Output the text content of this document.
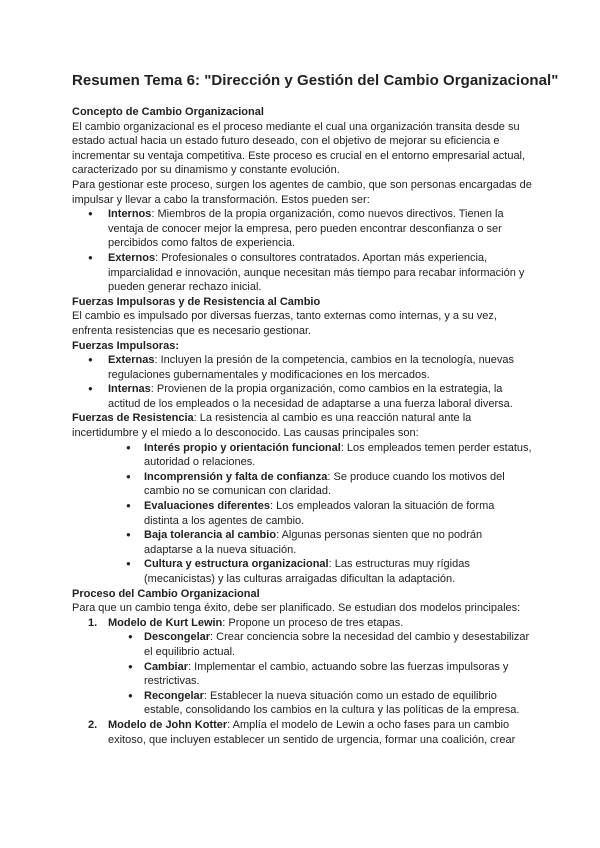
Resumen Tema 6: "Dirección y Gestión del Cambio Organizacional"

Concepto de Cambio Organizacional

El cambio organizacional es el proceso mediante el cual una organización transita desde su estado actual hacia un estado futuro deseado, con el objetivo de mejorar su eficiencia e incrementar su ventaja competitiva. Este proceso es crucial en el entorno empresarial actual, caracterizado por su dinamismo y constante evolución.

Para gestionar este proceso, surgen los agentes de cambio, que son personas encargadas de impulsar y llevar a cabo la transformación. Estos pueden ser:

● Internos: Miembros de la propia organización, como nuevos directivos. Tienen la ventaja de conocer mejor la empresa, pero pueden encontrar desconfianza o ser percibidos como faltos de experiencia.
● Externos: Profesionales o consultores contratados. Aportan más experiencia, imparcialidad e innovación, aunque necesitan más tiempo para recabar información y pueden generar rechazo inicial.

Fuerzas Impulsoras y de Resistencia al Cambio

El cambio es impulsado por diversas fuerzas, tanto externas como internas, y a su vez, enfrenta resistencias que es necesario gestionar.

Fuerzas Impulsoras:

● Externas: Incluyen la presión de la competencia, cambios en la tecnología, nuevas regulaciones gubernamentales y modificaciones en los mercados.
● Internas: Provienen de la propia organización, como cambios en la estrategia, la actitud de los empleados o la necesidad de adaptarse a una fuerza laboral diversa.

Fuerzas de Resistencia: La resistencia al cambio es una reacción natural ante la incertidumbre y el miedo a lo desconocido. Las causas principales son:

● Interés propio y orientación funcional: Los empleados temen perder estatus, autoridad o relaciones.
● Incomprensión y falta de confianza: Se produce cuando los motivos del cambio no se comunican con claridad.
● Evaluaciones diferentes: Los empleados valoran la situación de forma distinta a los agentes de cambio.
● Baja tolerancia al cambio: Algunas personas sienten que no podrán adaptarse a la nueva situación.
● Cultura y estructura organizacional: Las estructuras muy rígidas (mecanicistas) y las culturas arraigadas dificultan la adaptación.

Proceso del Cambio Organizacional

Para que un cambio tenga éxito, debe ser planificado. Se estudian dos modelos principales:

1. Modelo de Kurt Lewin: Propone un proceso de tres etapas.
● Descongelar: Crear conciencia sobre la necesidad del cambio y desestabilizar el equilibrio actual.
● Cambiar: Implementar el cambio, actuando sobre las fuerzas impulsoras y restrictivas.
● Recongelar: Establecer la nueva situación como un estado de equilibrio estable, consolidando los cambios en la cultura y las políticas de la empresa.
2. Modelo de John Kotter: Amplía el modelo de Lewin a ocho fases para un cambio exitoso, que incluyen establecer un sentido de urgencia, formar una coalición, crear
